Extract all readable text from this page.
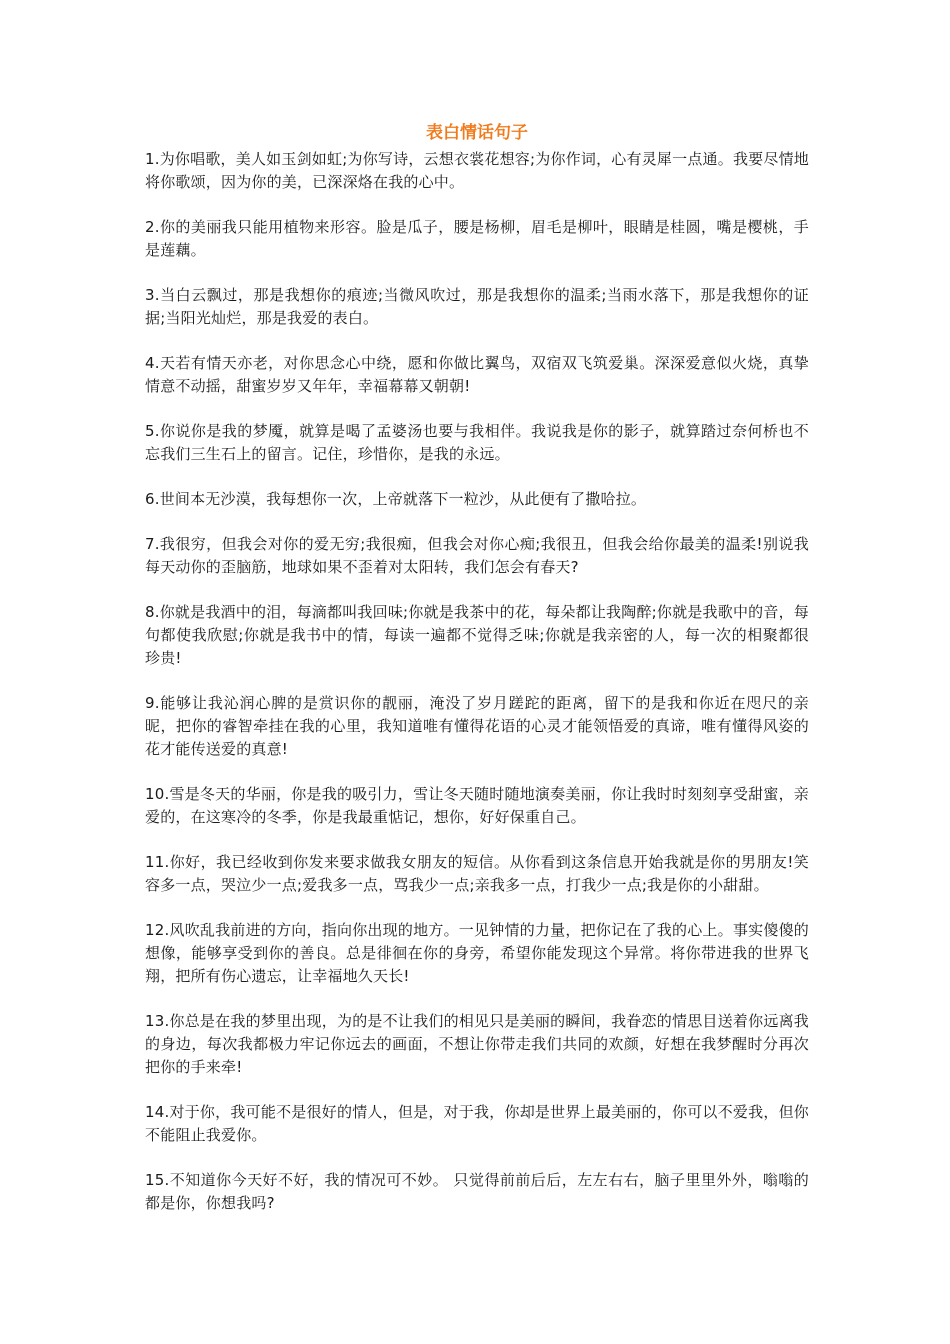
表白情话句子

1.为你唱歌，美人如玉剑如虹;为你写诗，云想衣裳花想容;为你作词，心有灵犀一点通。我要尽情地将你歌颂，因为你的美，已深深烙在我的心中。

2.你的美丽我只能用植物来形容。脸是瓜子，腰是杨柳，眉毛是柳叶，眼睛是桂圆，嘴是樱桃，手是莲藕。

3.当白云飘过，那是我想你的痕迹;当微风吹过，那是我想你的温柔;当雨水落下，那是我想你的证据;当阳光灿烂，那是我爱的表白。

4.天若有情天亦老，对你思念心中绕，愿和你做比翼鸟，双宿双飞筑爱巢。深深爱意似火烧，真挚情意不动摇，甜蜜岁岁又年年，幸福幕幕又朝朝!

5.你说你是我的梦魇，就算是喝了孟婆汤也要与我相伴。我说我是你的影子，就算踏过奈何桥也不忘我们三生石上的留言。记住，珍惜你，是我的永远。

6.世间本无沙漠，我每想你一次，上帝就落下一粒沙，从此便有了撒哈拉。

7.我很穷，但我会对你的爱无穷;我很痴，但我会对你心痴;我很丑，但我会给你最美的温柔!别说我每天动你的歪脑筋，地球如果不歪着对太阳转，我们怎会有春天?

8.你就是我酒中的泪，每滴都叫我回味;你就是我茶中的花，每朵都让我陶醉;你就是我歌中的音，每句都使我欣慰;你就是我书中的情，每读一遍都不觉得乏味;你就是我亲密的人，每一次的相聚都很珍贵!

9.能够让我沁润心脾的是赏识你的靓丽，淹没了岁月蹉跎的距离，留下的是我和你近在咫尺的亲昵，把你的睿智牵挂在我的心里，我知道唯有懂得花语的心灵才能领悟爱的真谛，唯有懂得风姿的花才能传送爱的真意!

10.雪是冬天的华丽，你是我的吸引力，雪让冬天随时随地演奏美丽，你让我时时刻刻享受甜蜜，亲爱的，在这寒冷的冬季，你是我最重惦记，想你，好好保重自己。

11.你好，我已经收到你发来要求做我女朋友的短信。从你看到这条信息开始我就是你的男朋友!笑容多一点，哭泣少一点;爱我多一点，骂我少一点;亲我多一点，打我少一点;我是你的小甜甜。

12.风吹乱我前进的方向，指向你出现的地方。一见钟情的力量，把你记在了我的心上。事实傻傻的想像，能够享受到你的善良。总是徘徊在你的身旁，希望你能发现这个异常。将你带进我的世界飞翔，把所有伤心遗忘，让幸福地久天长!

13.你总是在我的梦里出现，为的是不让我们的相见只是美丽的瞬间，我眷恋的情思目送着你远离我的身边，每次我都极力牢记你远去的画面，不想让你带走我们共同的欢颜，好想在我梦醒时分再次把你的手来牵!

14.对于你，我可能不是很好的情人，但是，对于我，你却是世界上最美丽的，你可以不爱我，但你不能阻止我爱你。

15.不知道你今天好不好，我的情况可不妙。 只觉得前前后后，左左右右，脑子里里外外，嗡嗡的都是你，你想我吗?
